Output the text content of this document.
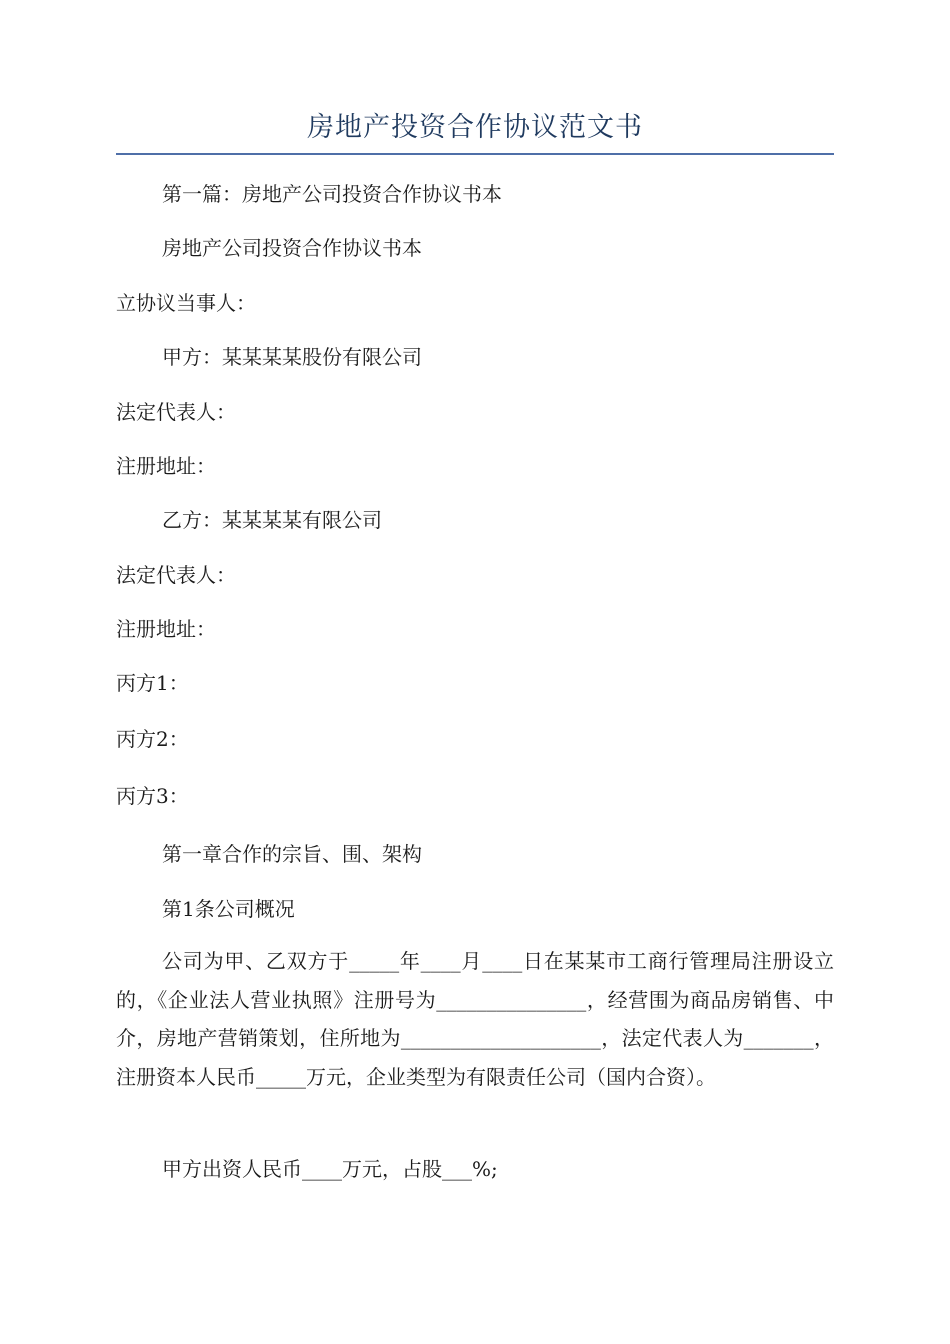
房地产投资合作协议范文书
第一篇：房地产公司投资合作协议书本
房地产公司投资合作协议书本
立协议当事人：
甲方：某某某某股份有限公司
法定代表人：
注册地址：
乙方：某某某某有限公司
法定代表人：
注册地址：
丙方1：
丙方2：
丙方3：
第一章合作的宗旨、围、架构
第1条公司概况
公司为甲、乙双方于_____年____月____日在某某市工商行管理局注册设立的，《企业法人营业执照》注册号为_______________，经营围为商品房销售、中介，房地产营销策划，住所地为____________________，法定代表人为_______，注册资本人民币_____万元，企业类型为有限责任公司（国内合资）。
甲方出资人民币____万元，占股___%;
